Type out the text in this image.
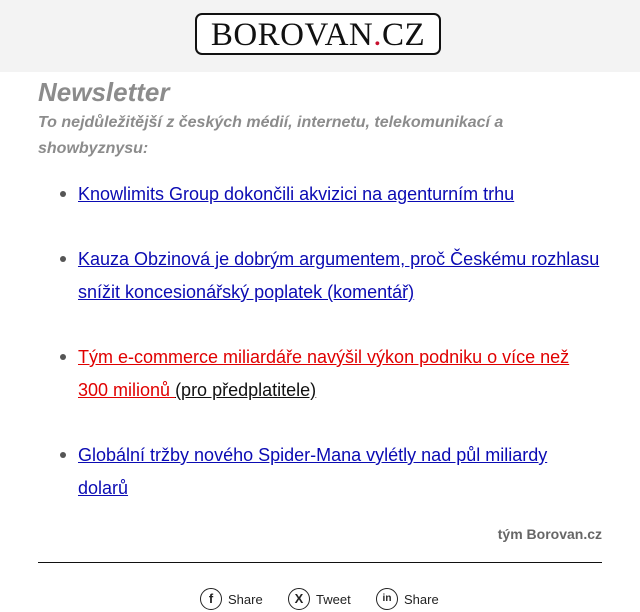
BOROVAN.CZ
Newsletter

To nejdůležitější z českých médií, internetu, telekomunikací a showbyznysu:

Knowlimits Group dokončili akvizici na agenturním trhu
Kauza Obzinová je dobrým argumentem, proč Českému rozhlasu snížit koncesionářský poplatek (komentář)
Tým e-commerce miliardáře navýšil výkon podniku o více než 300 milionů (pro předplatitele)
Globální tržby nového Spider-Mana vylétly nad půl miliardy dolarů
tým Borovan.cz
f Share	X Tweet	in Share
